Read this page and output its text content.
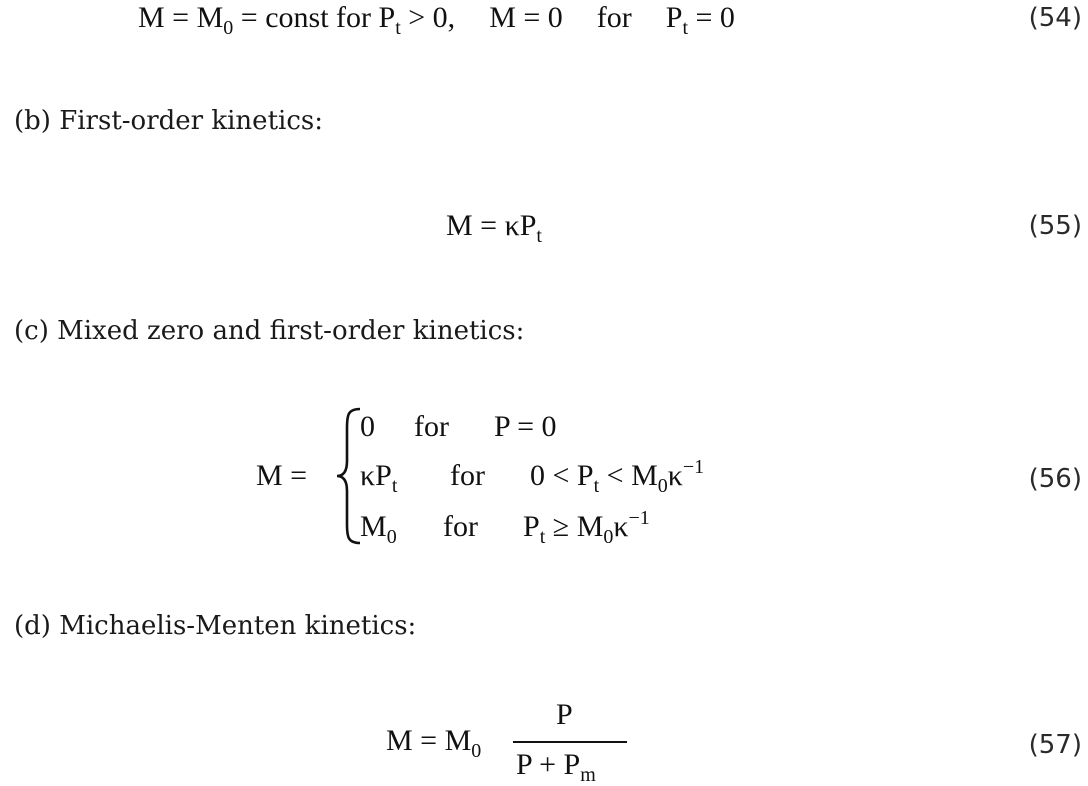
$M = M_0$ = const for $P_t > 0$, M = 0 for $P_t = 0$	(54)
(b) First-order kinetics:
$M = \kappa P_t$	(55)
(c) Mixed zero and first-order kinetics:
M =
0 for P = 0
$\kappa P_t$ for $0 < P_t < M_0\kappa^{-1}$
$M_0$ for $P_t \ge M_0\kappa^{-1}$
(56)
(d) Michaelis-Menten kinetics:
$M = M_0$
P
$P + P_m$
(57)
